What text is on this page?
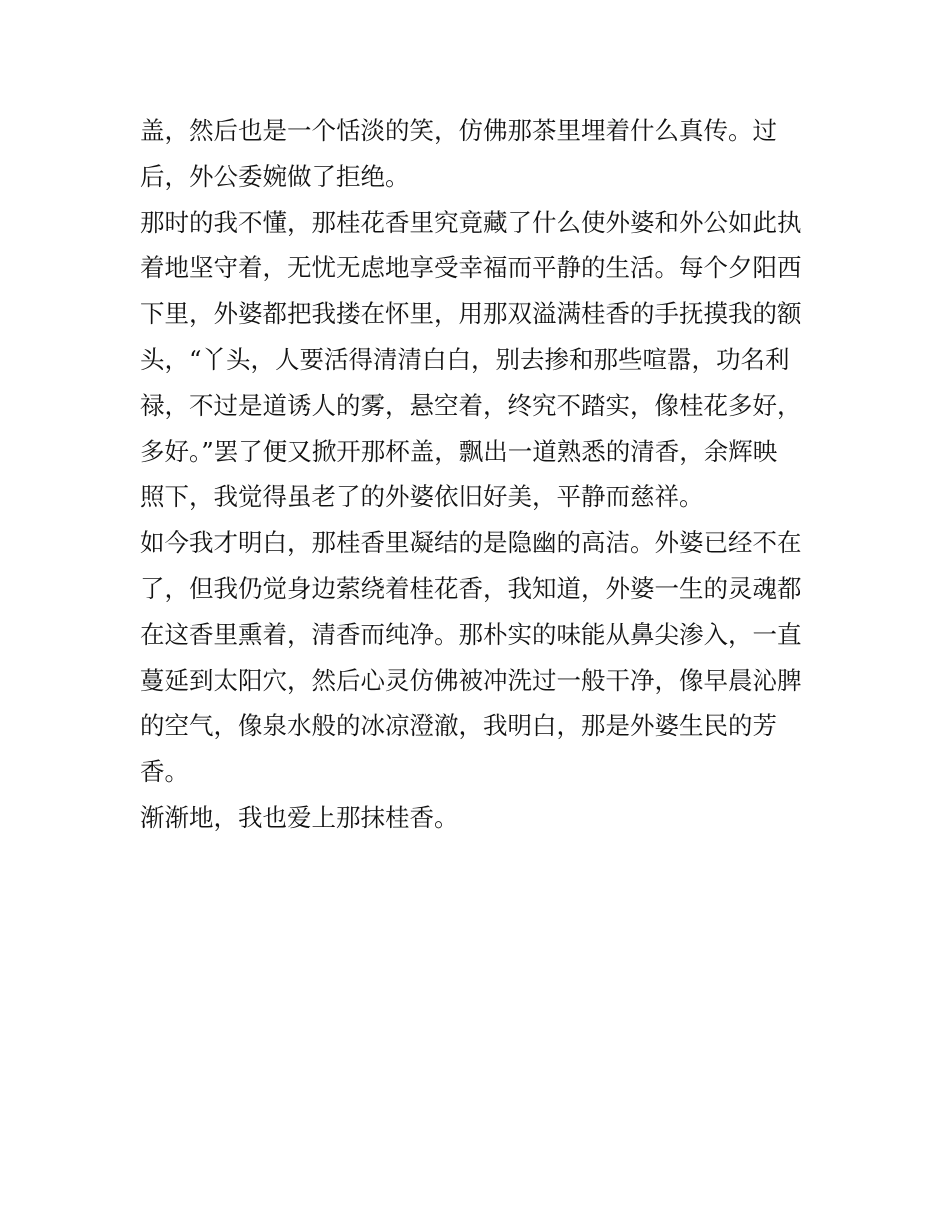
盖，然后也是一个恬淡的笑，仿佛那茶里埋着什么真传。过
后，外公委婉做了拒绝。
那时的我不懂，那桂花香里究竟藏了什么使外婆和外公如此执
着地坚守着，无忧无虑地享受幸福而平静的生活。每个夕阳西
下里，外婆都把我搂在怀里，用那双溢满桂香的手抚摸我的额
头，“丫头，人要活得清清白白，别去掺和那些喧嚣，功名利
禄，不过是道诱人的雾，悬空着，终究不踏实，像桂花多好，
多好。”罢了便又掀开那杯盖，飘出一道熟悉的清香，余辉映
照下，我觉得虽老了的外婆依旧好美，平静而慈祥。
如今我才明白，那桂香里凝结的是隐幽的高洁。外婆已经不在
了，但我仍觉身边萦绕着桂花香，我知道，外婆一生的灵魂都
在这香里熏着，清香而纯净。那朴实的味能从鼻尖渗入，一直
蔓延到太阳穴，然后心灵仿佛被冲洗过一般干净，像早晨沁脾
的空气，像泉水般的冰凉澄澈，我明白，那是外婆生民的芳
香。
渐渐地，我也爱上那抹桂香。
